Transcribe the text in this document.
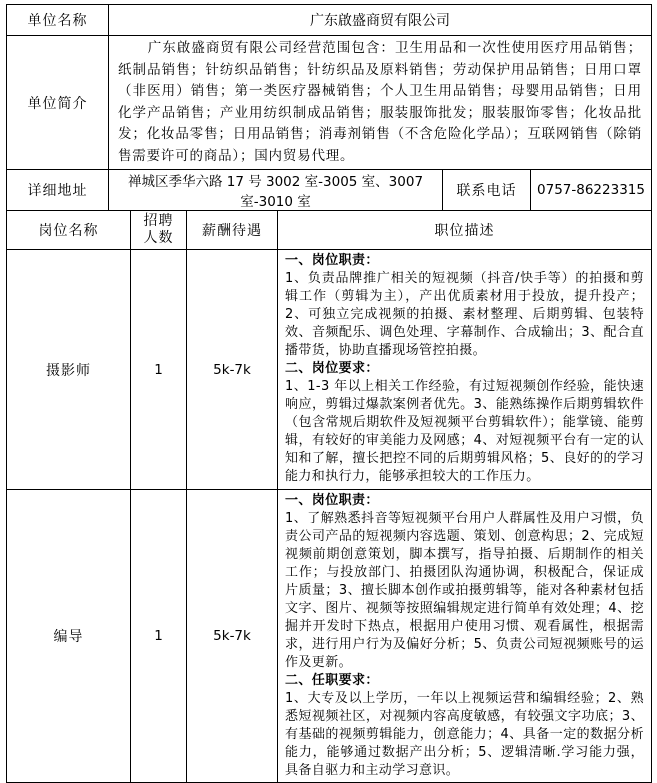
单位名称	广东啟盛商贸有限公司		
单位简介	广东啟盛商贸有限公司经营范围包含：卫生用品和一次性使用医疗用品销售；纸制品销售；针纺织品销售；针纺织品及原料销售；劳动保护用品销售；日用口罩（非医用）销售；第一类医疗器械销售；个人卫生用品销售；母婴用品销售；日用化学产品销售；产业用纺织制成品销售；服装服饰批发；服装服饰零售；化妆品批发；化妆品零售；日用品销售；消毒剂销售（不含危险化学品）；互联网销售（除销售需要许可的商品）；国内贸易代理。		

详细地址	禅城区季华六路 17 号 3002 室-3005 室、3007 室-3010 室	联系电话	0757-86223315
岗位名称	招聘人数	薪酬待遇	职位描述
摄影师	1	5k-7k	一、岗位职责：

1、负责品牌推广相关的短视频（抖音/快手等）的拍摄和剪辑工作（剪辑为主），产出优质素材用于投放，提升投产；2、可独立完成视频的拍摄、素材整理、后期剪辑、包装特效、音频配乐、调色处理、字幕制作、合成输出；3、配合直播带货，协助直播现场管控拍摄。

二、岗位要求：

1、1-3 年以上相关工作经验，有过短视频创作经验，能快速响应，剪辑过爆款案例者优先。3、能熟练操作后期剪辑软件（包含常规后期软件及短视频平台剪辑软件）；能掌镜、能剪辑，有较好的审美能力及网感；4、对短视频平台有一定的认知和了解，擅长把控不同的后期剪辑风格；5、良好的的学习能力和执行力，能够承担较大的工作压力。

编导	1	5k-7k	一、岗位职责：

1、了解熟悉抖音等短视频平台用户人群属性及用户习惯，负责公司产品的短视频内容选题、策划、创意构思；2、完成短视频前期创意策划，脚本撰写，指导拍摄、后期制作的相关工作；与投放部门、拍摄团队沟通协调，积极配合，保证成片质量；3、擅长脚本创作或拍摄剪辑等，能对各种素材包括文字、图片、视频等按照编辑规定进行简单有效处理；4、挖掘并开发时下热点，根据用户使用习惯、观看属性，根据需求，进行用户行为及偏好分析；5、负责公司短视频账号的运作及更新。

二、任职要求：

1、大专及以上学历，一年以上视频运营和编辑经验；2、熟悉短视频社区，对视频内容高度敏感，有较强文字功底；3、有基础的视频剪辑能力，创意能力；4、具备一定的数据分析能力，能够通过数据产出分析；5、逻辑清晰.学习能力强，具备自驱力和主动学习意识。
